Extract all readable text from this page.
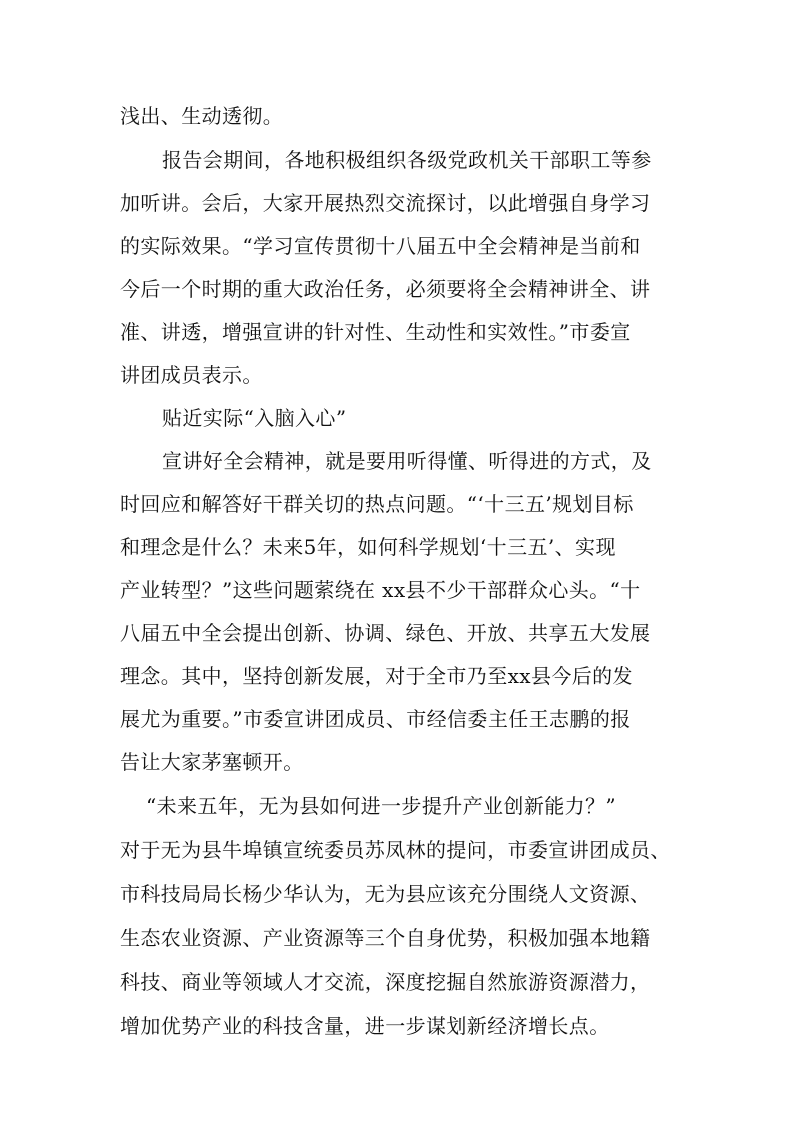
浅出、生动透彻。
报告会期间，各地积极组织各级党政机关干部职工等参
加听讲。会后，大家开展热烈交流探讨，以此增强自身学习
的实际效果。“学习宣传贯彻十八届五中全会精神是当前和
今后一个时期的重大政治任务，必须要将全会精神讲全、讲
准、讲透，增强宣讲的针对性、生动性和实效性。”市委宣
讲团成员表示。
贴近实际“入脑入心”
宣讲好全会精神，就是要用听得懂、听得进的方式，及
时回应和解答好干群关切的热点问题。“‘十三五’规划目标
和理念是什么？未来5年，如何科学规划‘十三五’、实现
产业转型？”这些问题萦绕在 xx县不少干部群众心头。“十
八届五中全会提出创新、协调、绿色、开放、共享五大发展
理念。其中，坚持创新发展，对于全市乃至xx县今后的发
展尤为重要。”市委宣讲团成员、市经信委主任王志鹏的报
告让大家茅塞顿开。
“未来五年，无为县如何进一步提升产业创新能力？”
对于无为县牛埠镇宣统委员苏凤林的提问，市委宣讲团成员、
市科技局局长杨少华认为，无为县应该充分围绕人文资源、
生态农业资源、产业资源等三个自身优势，积极加强本地籍
科技、商业等领域人才交流，深度挖掘自然旅游资源潜力，
增加优势产业的科技含量，进一步谋划新经济增长点。
